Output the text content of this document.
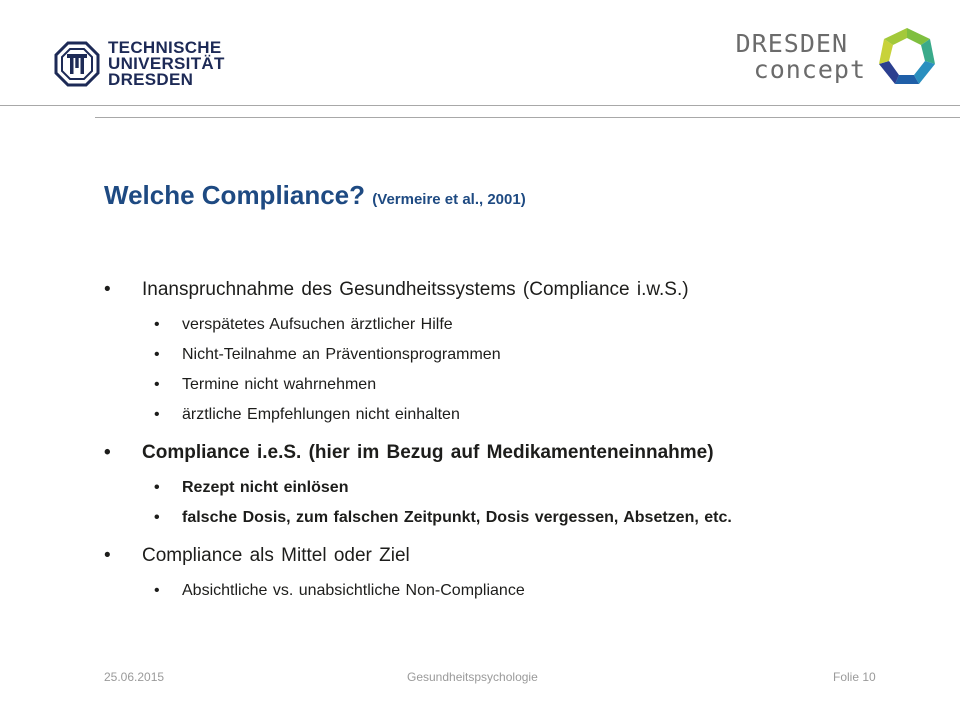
TECHNISCHE
UNIVERSITÄT
DRESDEN
DRESDEN
concept
Welche Compliance? (Vermeire et al., 2001)
• Inanspruchnahme des Gesundheitssystems (Compliance i.w.S.)
• verspätetes Aufsuchen ärztlicher Hilfe
• Nicht-Teilnahme an Präventionsprogrammen
• Termine nicht wahrnehmen
• ärztliche Empfehlungen nicht einhalten
• Compliance i.e.S. (hier im Bezug auf Medikamenteneinnahme)
• Rezept nicht einlösen
• falsche Dosis, zum falschen Zeitpunkt, Dosis vergessen, Absetzen, etc.
• Compliance als Mittel oder Ziel
• Absichtliche vs. unabsichtliche Non-Compliance
25.06.2015	Gesundheitspsychologie	Folie 10
